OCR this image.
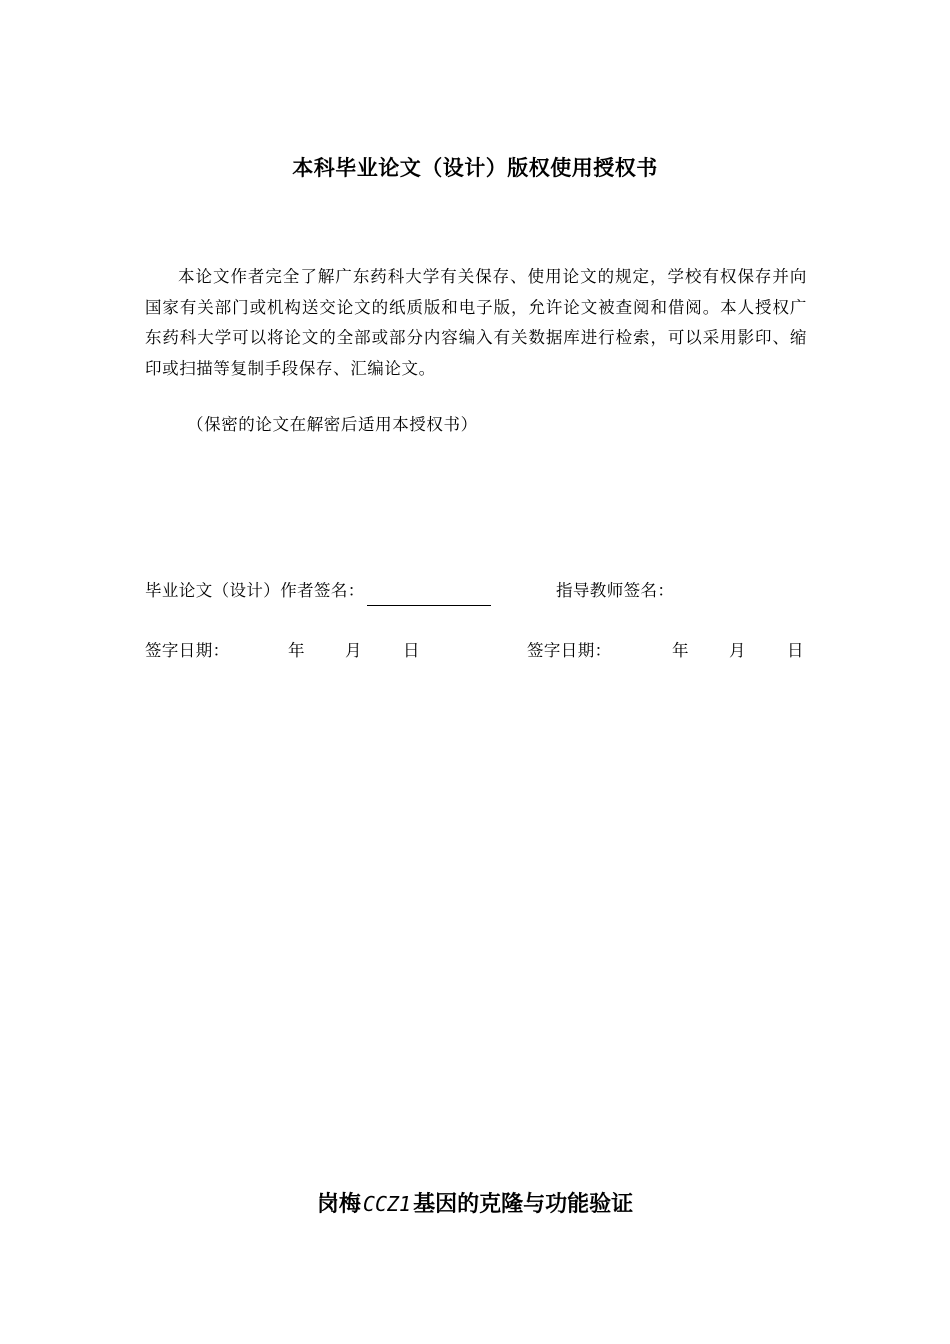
本科毕业论文（设计）版权使用授权书

本论文作者完全了解广东药科大学有关保存、使用论文的规定，学校有权保存并向国家有关部门或机构送交论文的纸质版和电子版，允许论文被查阅和借阅。本人授权广东药科大学可以将论文的全部或部分内容编入有关数据库进行检索，可以采用影印、缩印或扫描等复制手段保存、汇编论文。

（保密的论文在解密后适用本授权书）
毕业论文（设计）作者签名：	指导教师签名：
签字日期：	年 月 日	签字日期：	年 月 日
岗梅 CCZ1基因的克隆与功能验证
